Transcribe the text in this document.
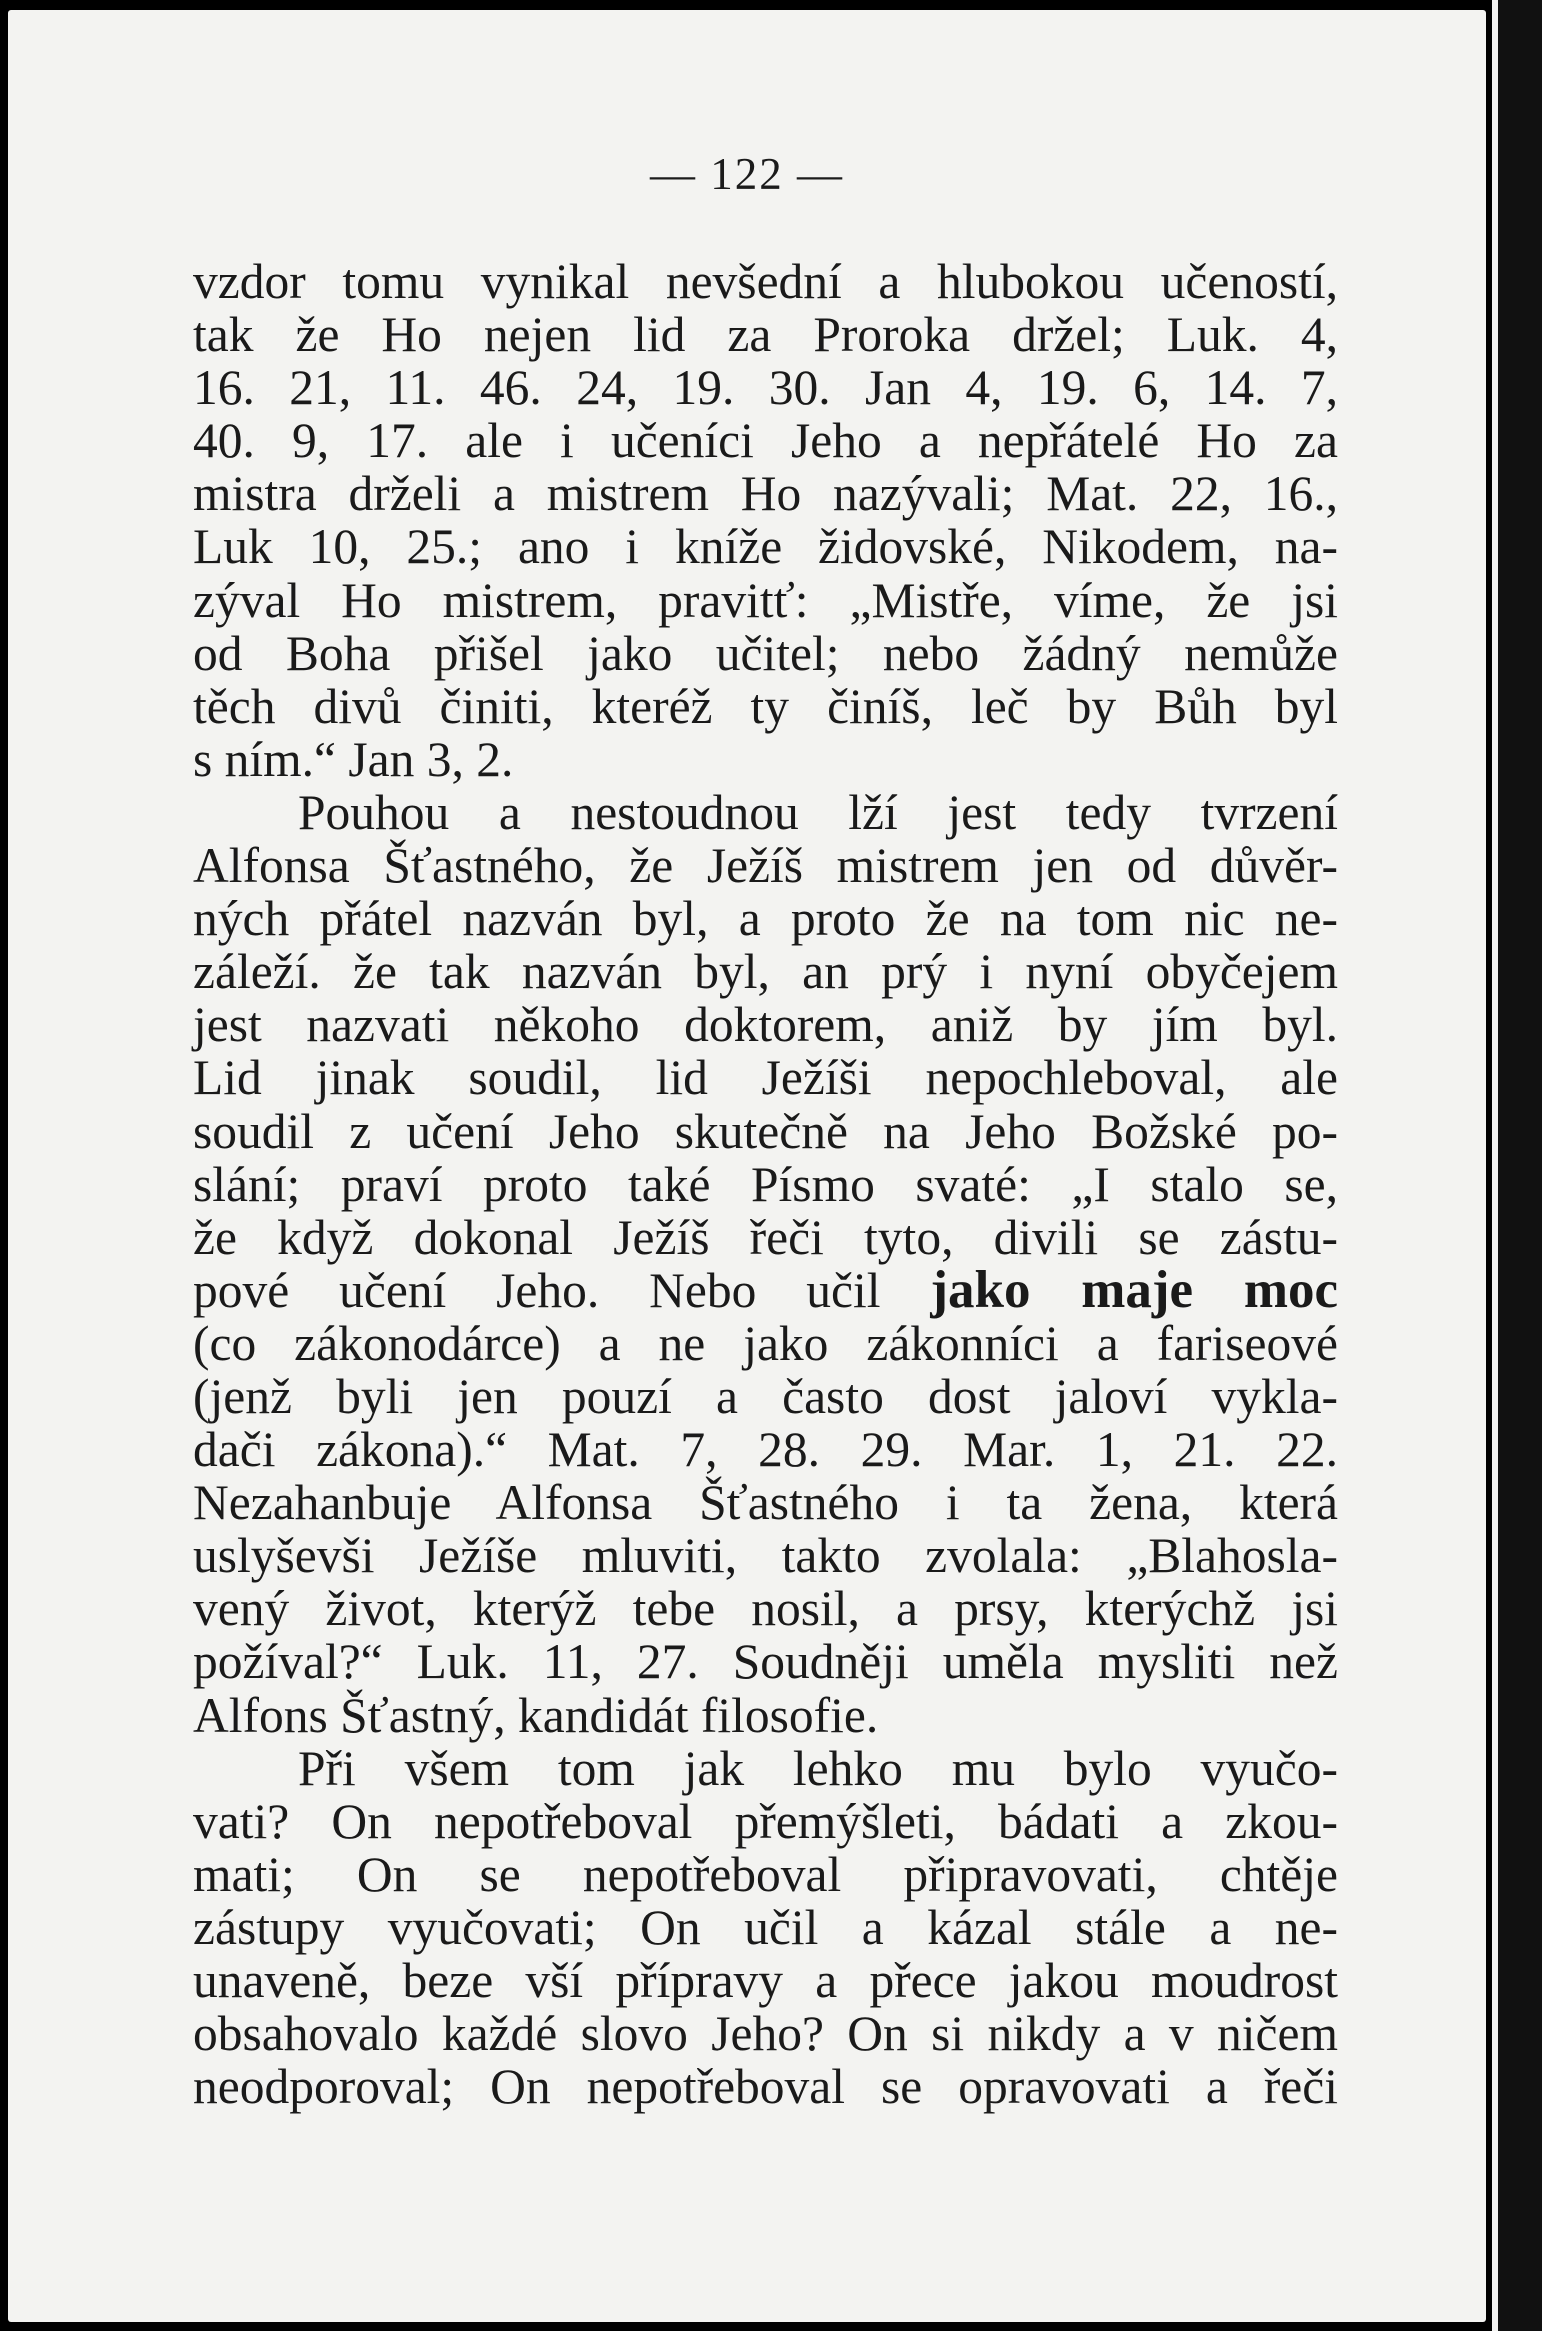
— 122 —
vzdor tomu vynikal nevšední a hlubokou učeností,
tak že Ho nejen lid za Proroka držel; Luk. 4,
16. 21, 11. 46. 24, 19. 30. Jan 4, 19. 6, 14. 7,
40. 9, 17. ale i učeníci Jeho a nepřátelé Ho za
mistra drželi a mistrem Ho nazývali; Mat. 22, 16.,
Luk 10, 25.; ano i kníže židovské, Nikodem, na-
zýval Ho mistrem, pravitť: „Mistře, víme, že jsi
od Boha přišel jako učitel; nebo žádný nemůže
těch divů činiti, kteréž ty činíš, leč by Bůh byl
s ním.“ Jan 3, 2.
Pouhou a nestoudnou lží jest tedy tvrzení
Alfonsa Šťastného, že Ježíš mistrem jen od důvěr-
ných přátel nazván byl, a proto že na tom nic ne-
záleží. že tak nazván byl, an prý i nyní obyčejem
jest nazvati někoho doktorem, aniž by jím byl.
Lid jinak soudil, lid Ježíši nepochleboval, ale
soudil z učení Jeho skutečně na Jeho Božské po-
slání; praví proto také Písmo svaté: „I stalo se,
že když dokonal Ježíš řeči tyto, divili se zástu-
pové učení Jeho. Nebo učil jako maje moc
(co zákonodárce) a ne jako zákonníci a fariseové
(jenž byli jen pouzí a často dost jaloví vykla-
dači zákona).“ Mat. 7, 28. 29. Mar. 1, 21. 22.
Nezahanbuje Alfonsa Šťastného i ta žena, která
uslyševši Ježíše mluviti, takto zvolala: „Blahosla-
vený život, kterýž tebe nosil, a prsy, kterýchž jsi
požíval?“ Luk. 11, 27. Soudněji uměla mysliti než
Alfons Šťastný, kandidát filosofie.
Při všem tom jak lehko mu bylo vyučo-
vati? On nepotřeboval přemýšleti, bádati a zkou-
mati; On se nepotřeboval připravovati, chtěje
zástupy vyučovati; On učil a kázal stále a ne-
unaveně, beze vší přípravy a přece jakou moudrost
obsahovalo každé slovo Jeho? On si nikdy a v ničem
neodporoval; On nepotřeboval se opravovati a řeči
